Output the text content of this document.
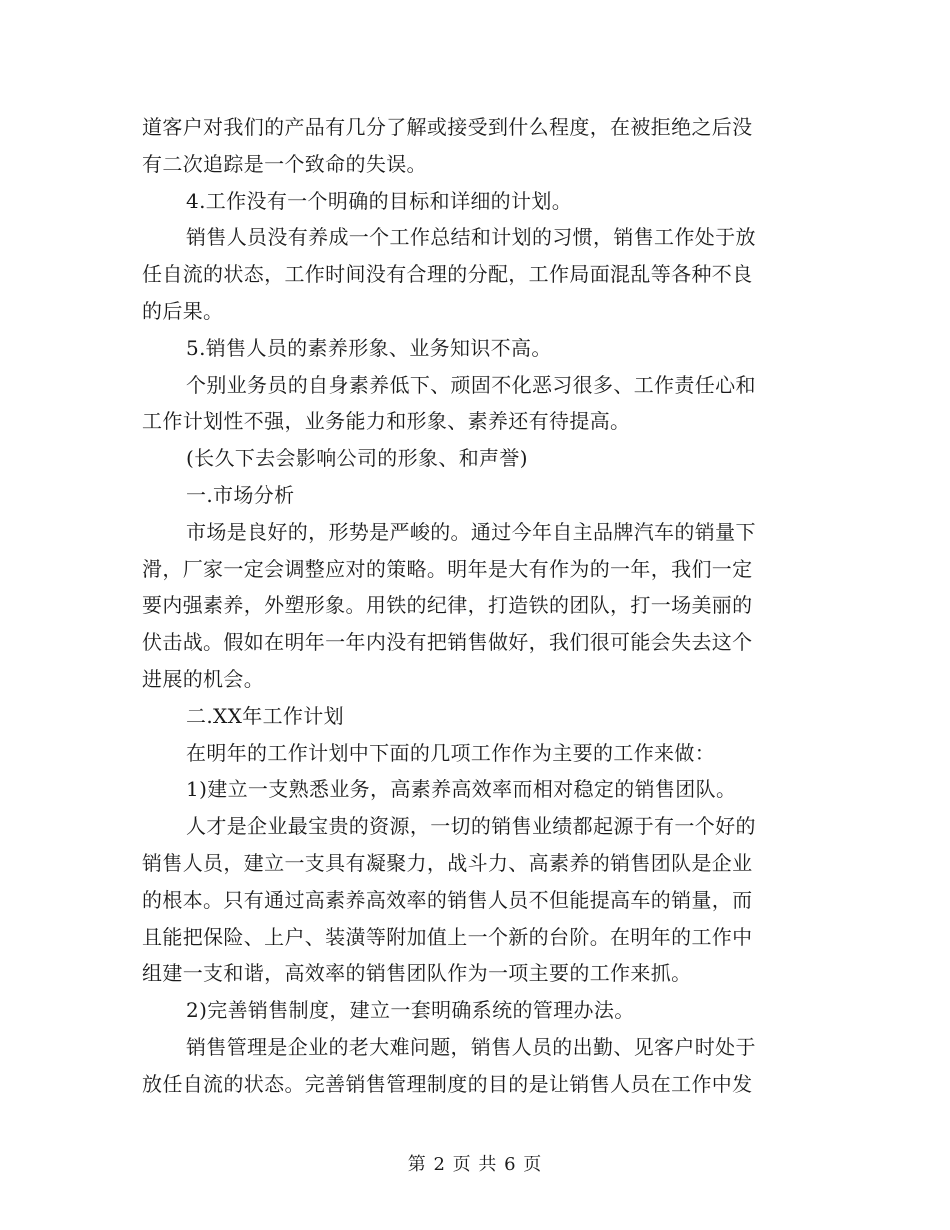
道客户对我们的产品有几分了解或接受到什么程度，在被拒绝之后没
有二次追踪是一个致命的失误。
4.工作没有一个明确的目标和详细的计划。
销售人员没有养成一个工作总结和计划的习惯，销售工作处于放
任自流的状态，工作时间没有合理的分配，工作局面混乱等各种不良
的后果。
5.销售人员的素养形象、业务知识不高。
个别业务员的自身素养低下、顽固不化恶习很多、工作责任心和
工作计划性不强，业务能力和形象、素养还有待提高。
(长久下去会影响公司的形象、和声誉)
一.市场分析
市场是良好的，形势是严峻的。通过今年自主品牌汽车的销量下
滑，厂家一定会调整应对的策略。明年是大有作为的一年，我们一定
要内强素养，外塑形象。用铁的纪律，打造铁的团队，打一场美丽的
伏击战。假如在明年一年内没有把销售做好，我们很可能会失去这个
进展的机会。
二.XX年工作计划
在明年的工作计划中下面的几项工作作为主要的工作来做：
1)建立一支熟悉业务，高素养高效率而相对稳定的销售团队。
人才是企业最宝贵的资源，一切的销售业绩都起源于有一个好的
销售人员，建立一支具有凝聚力，战斗力、高素养的销售团队是企业
的根本。只有通过高素养高效率的销售人员不但能提高车的销量，而
且能把保险、上户、装潢等附加值上一个新的台阶。在明年的工作中
组建一支和谐，高效率的销售团队作为一项主要的工作来抓。
2)完善销售制度，建立一套明确系统的管理办法。
销售管理是企业的老大难问题，销售人员的出勤、见客户时处于
放任自流的状态。完善销售管理制度的目的是让销售人员在工作中发
第 2 页 共 6 页
